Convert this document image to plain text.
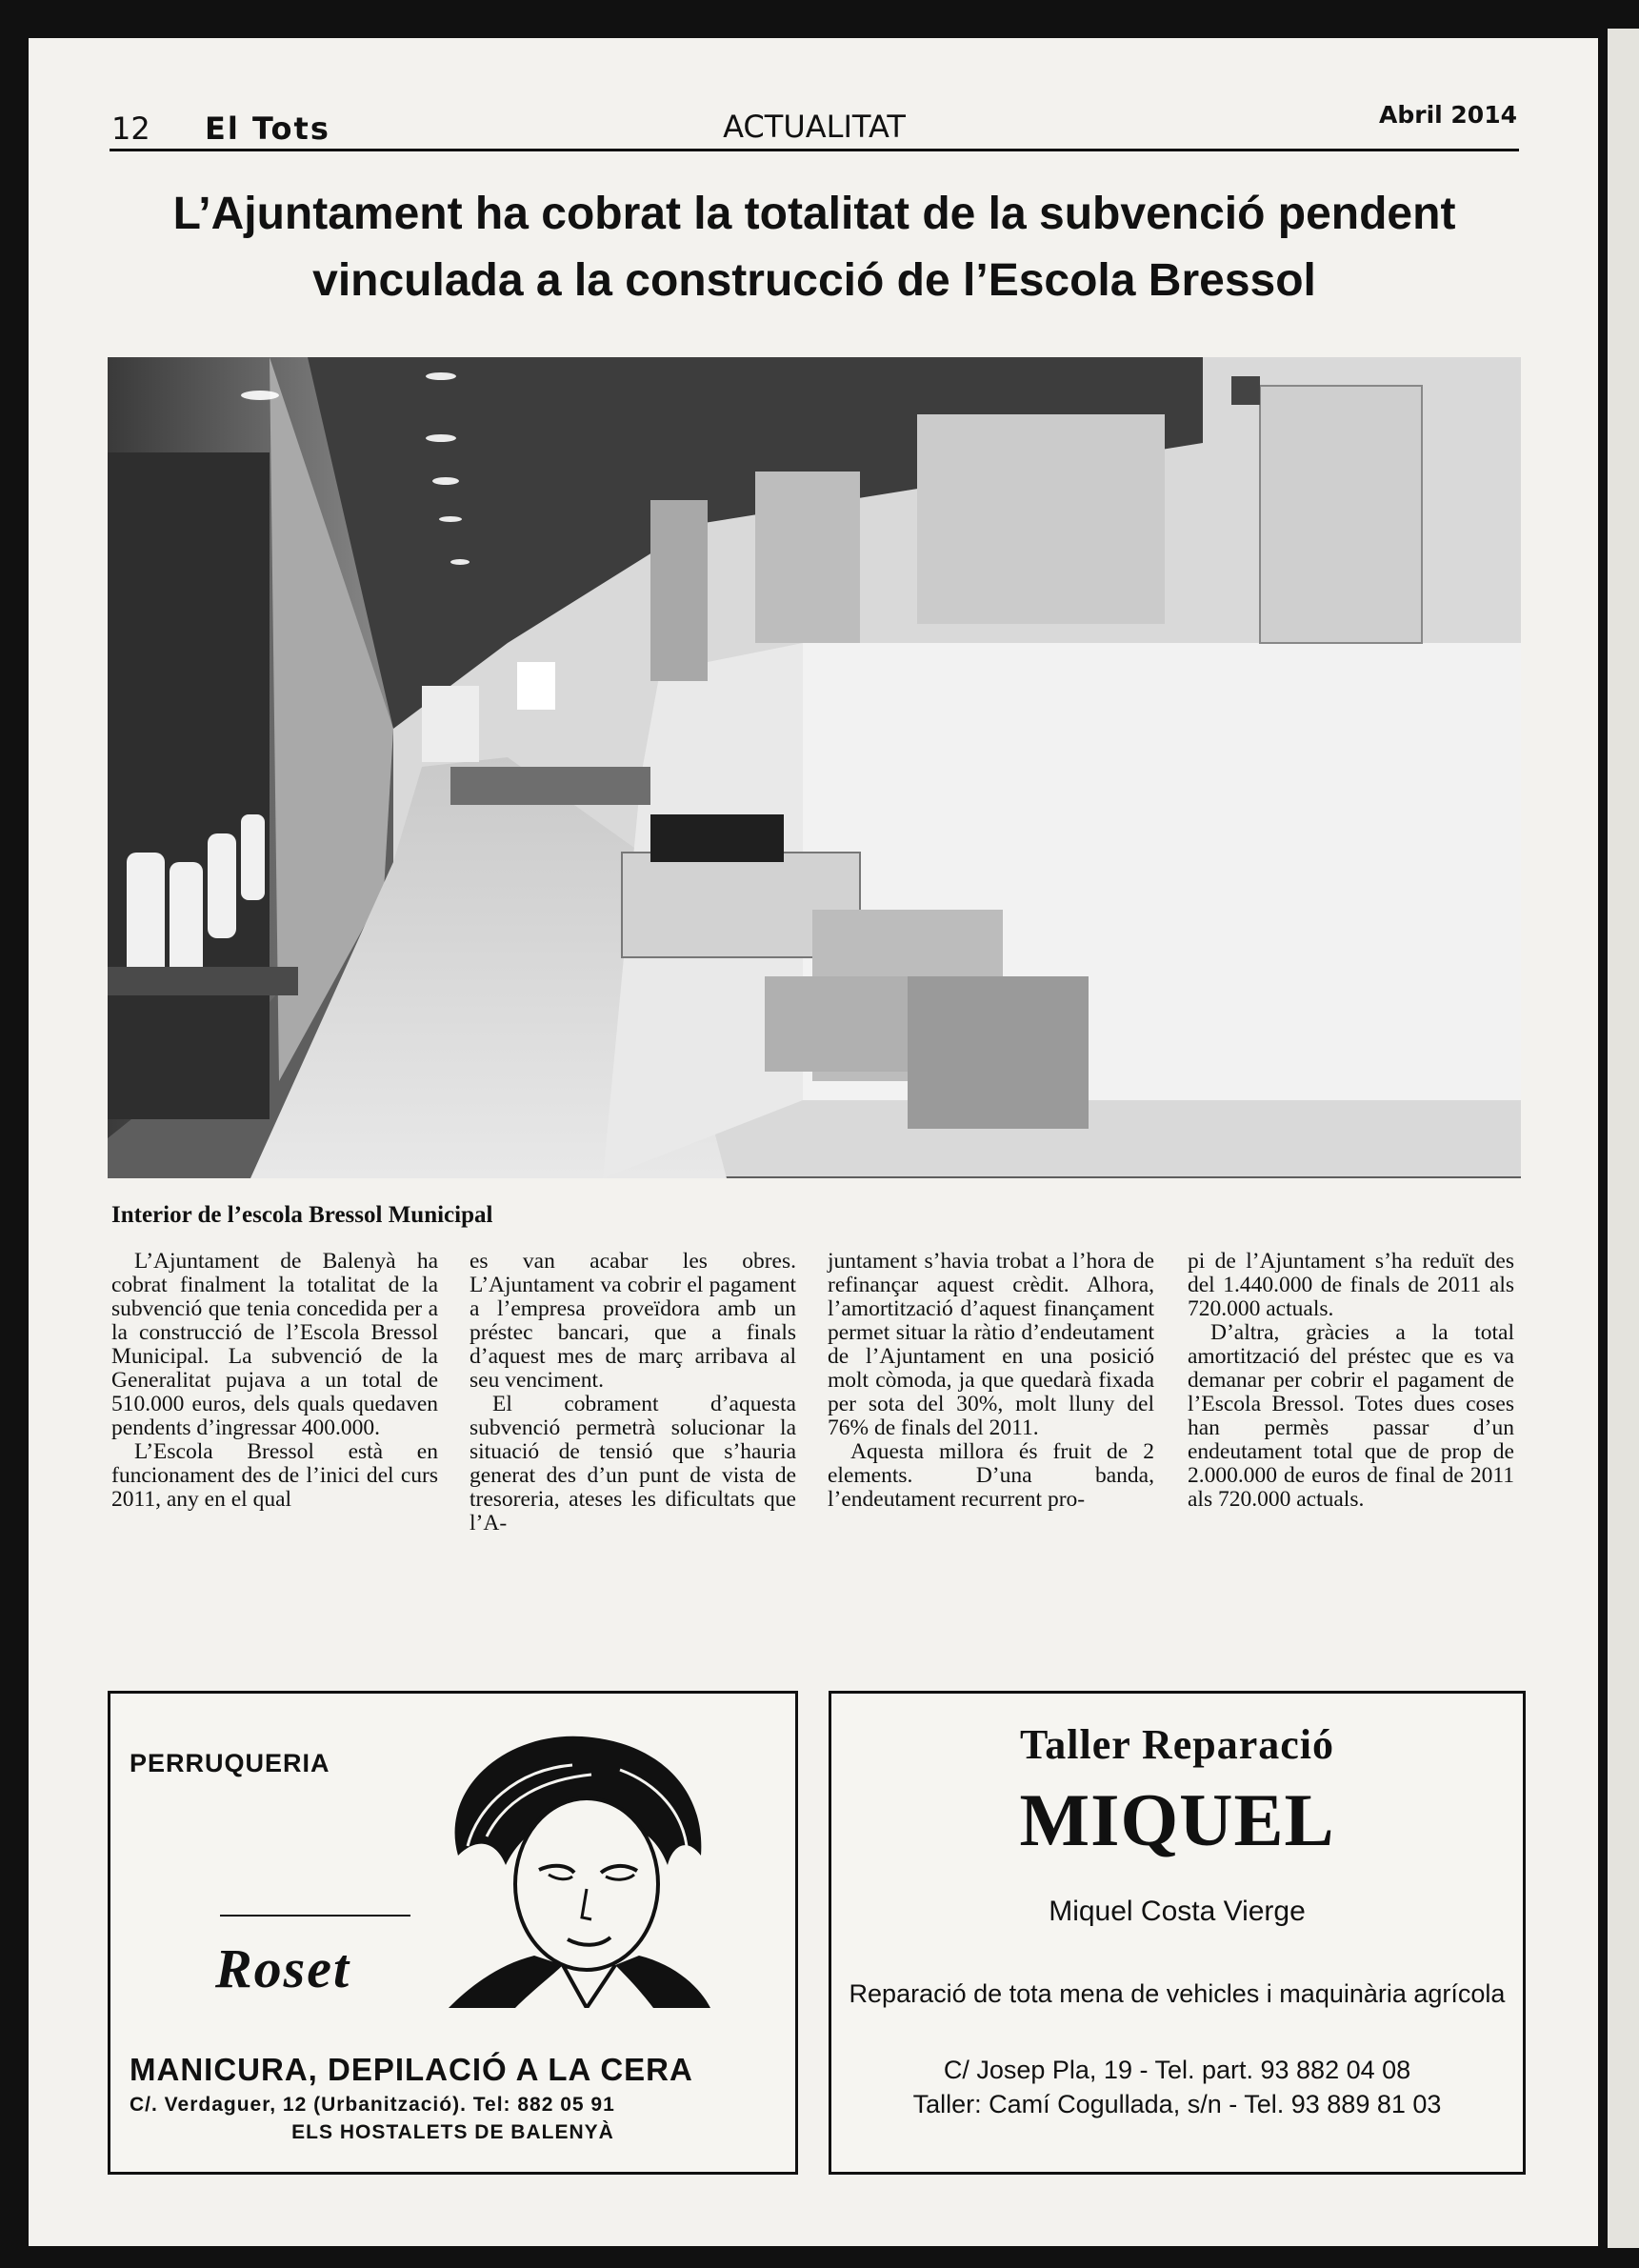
12 El Tots	ACTUALITAT	Abril 2014
L’Ajuntament ha cobrat la totalitat de la subvenció pendent
vinculada a la construcció de l’Escola Bressol
Interior de l’escola Bressol Municipal

L’Ajuntament de Balenyà ha cobrat finalment la totalitat de la subvenció que tenia concedida per a la construcció de l’Escola Bressol Municipal. La subvenció de la Generalitat pujava a un total de 510.000 euros, dels quals quedaven pendents d’ingressar 400.000.

L’Escola Bressol està en funcionament des de l’inici del curs 2011, any en el qual

es van acabar les obres. L’Ajuntament va cobrir el pagament a l’empresa proveïdora amb un préstec bancari, que a finals d’aquest mes de març arribava al seu venciment.

El cobrament d’aquesta subvenció permetrà solucionar la situació de tensió que s’hauria generat des d’un punt de vista de tresoreria, ateses les dificultats que l’A-

juntament s’havia trobat a l’hora de refinançar aquest crèdit. Alhora, l’amortització d’aquest finançament permet situar la ràtio d’endeutament de l’Ajuntament en una posició molt còmoda, ja que quedarà fixada per sota del 30%, molt lluny del 76% de finals del 2011.

Aquesta millora és fruit de 2 elements. D’una banda, l’endeutament recurrent pro-

pi de l’Ajuntament s’ha reduït des del 1.440.000 de finals de 2011 als 720.000 actuals.

D’altra, gràcies a la total amortització del préstec que es va demanar per cobrir el pagament de l’Escola Bressol. Totes dues coses han permès passar d’un endeutament total que de prop de 2.000.000 de euros de final de 2011 als 720.000 actuals.

PERRUQUERIA
Roset
MANICURA, DEPILACIÓ A LA CERA
C/. Verdaguer, 12 (Urbanització). Tel: 882 05 91
ELS HOSTALETS DE BALENYÀ
Taller Reparació
MIQUEL
Miquel Costa Vierge
Reparació de tota mena de vehicles i maquinària agrícola
C/ Josep Pla, 19 - Tel. part. 93 882 04 08
Taller: Camí Cogullada, s/n - Tel. 93 889 81 03
